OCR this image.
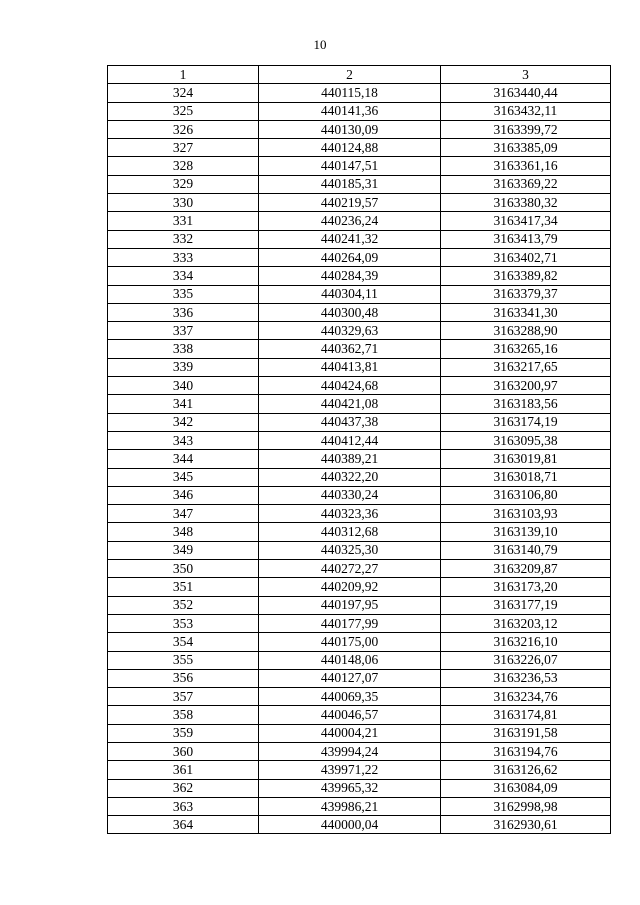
10
1	2	3
324	440115,18	3163440,44
325	440141,36	3163432,11
326	440130,09	3163399,72
327	440124,88	3163385,09
328	440147,51	3163361,16
329	440185,31	3163369,22
330	440219,57	3163380,32
331	440236,24	3163417,34
332	440241,32	3163413,79
333	440264,09	3163402,71
334	440284,39	3163389,82
335	440304,11	3163379,37
336	440300,48	3163341,30
337	440329,63	3163288,90
338	440362,71	3163265,16
339	440413,81	3163217,65
340	440424,68	3163200,97
341	440421,08	3163183,56
342	440437,38	3163174,19
343	440412,44	3163095,38
344	440389,21	3163019,81
345	440322,20	3163018,71
346	440330,24	3163106,80
347	440323,36	3163103,93
348	440312,68	3163139,10
349	440325,30	3163140,79
350	440272,27	3163209,87
351	440209,92	3163173,20
352	440197,95	3163177,19
353	440177,99	3163203,12
354	440175,00	3163216,10
355	440148,06	3163226,07
356	440127,07	3163236,53
357	440069,35	3163234,76
358	440046,57	3163174,81
359	440004,21	3163191,58
360	439994,24	3163194,76
361	439971,22	3163126,62
362	439965,32	3163084,09
363	439986,21	3162998,98
364	440000,04	3162930,61
